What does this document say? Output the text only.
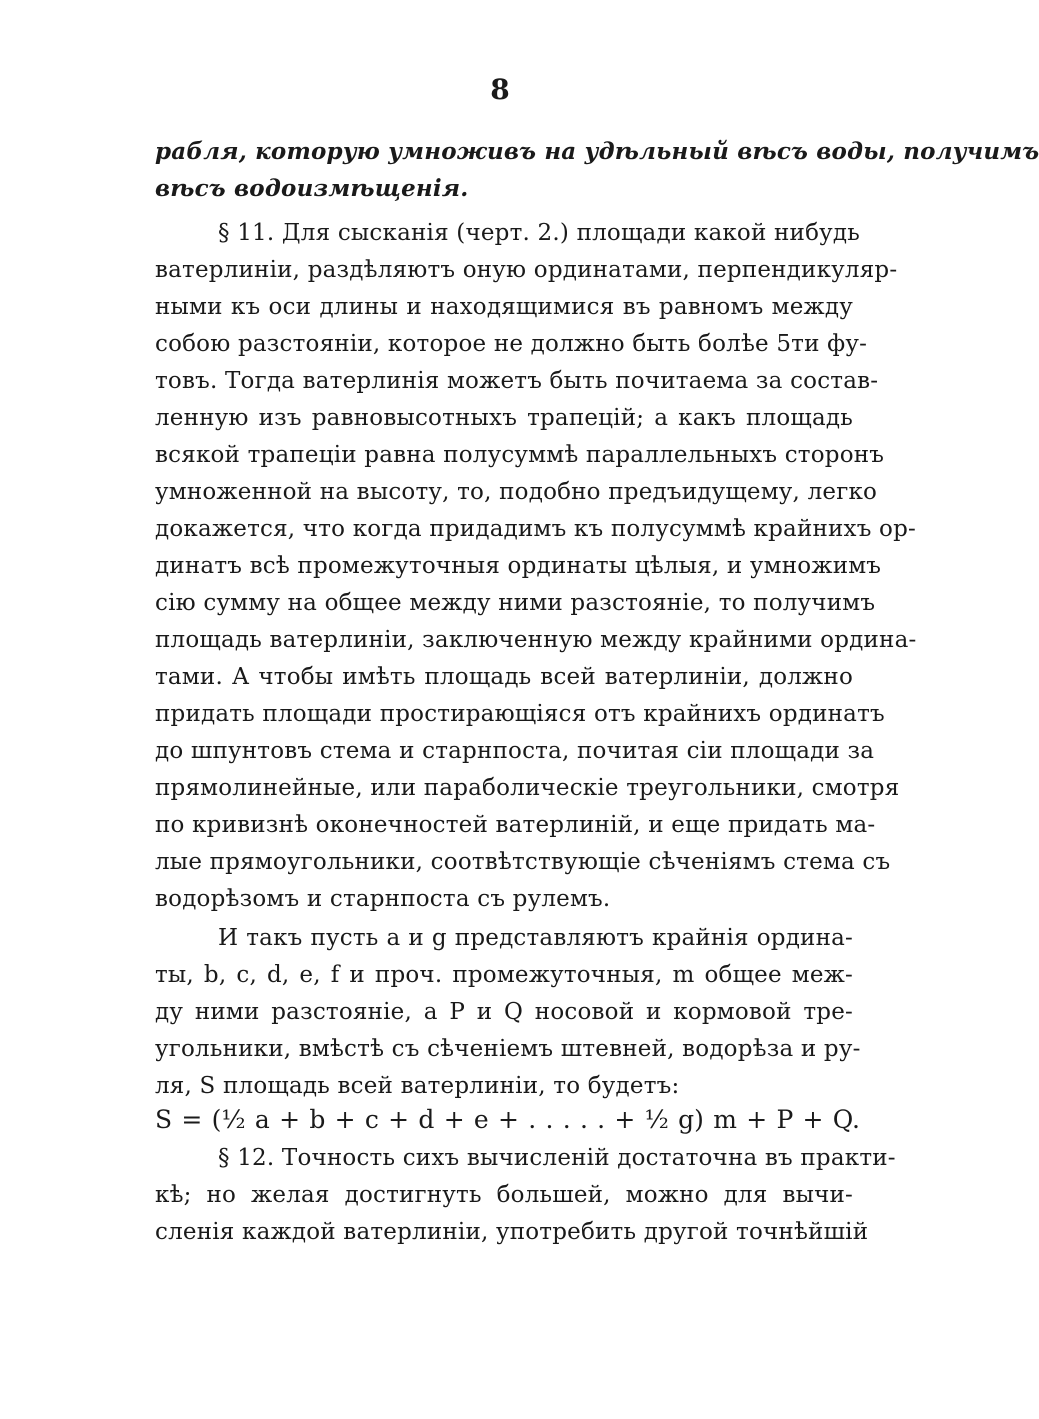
8
рабля, которую умноживъ на удѣльный вѣсъ воды, получимъ
вѣсъ водоизмѣщенія.
§ 11. Для сысканія (черт. 2.) площади какой нибудь
ватерлиніи, раздѣляютъ оную ординатами, перпендикуляр-
ными къ оси длины и находящимися въ равномъ между
собою разстояніи, которое не должно быть болѣе 5ти фу-
товъ. Тогда ватерлинія можетъ быть почитаема за состав-
ленную изъ равновысотныхъ трапецій; а какъ площадь
всякой трапеціи равна полусуммѣ параллельныхъ сторонъ
умноженной на высоту, то, подобно предъидущему, легко
докажется, что когда придадимъ къ полусуммѣ крайнихъ ор-
динатъ всѣ промежуточныя ординаты цѣлыя, и умножимъ
сію сумму на общее между ними разстояніе, то получимъ
площадь ватерлиніи, заключенную между крайними ордина-
тами. А чтобы имѣть площадь всей ватерлиніи, должно
придать площади простирающіяся отъ крайнихъ ординатъ
до шпунтовъ стема и старнпоста, почитая сіи площади за
прямолинейные, или параболическіе треугольники, смотря
по кривизнѣ оконечностей ватерлиній, и еще придать ма-
лые прямоугольники, соотвѣтствующіе сѣченіямъ стема съ
водорѣзомъ и старнпоста съ рулемъ.
И такъ пусть a и g представляютъ крайнія ордина-
ты, b, c, d, e, f и проч. промежуточныя, m общее меж-
ду ними разстояніе, а P и Q носовой и кормовой тре-
угольники, вмѣстѣ съ сѣченіемъ штевней, водорѣза и ру-
ля, S площадь всей ватерлиніи, то будетъ:
S = (½ a + b + c + d + e + . . . . . + ½ g) m + P + Q.
§ 12. Точность сихъ вычисленій достаточна въ практи-
кѣ; но желая достигнуть большей, можно для вычи-
сленія каждой ватерлиніи, употребить другой точнѣйшій
